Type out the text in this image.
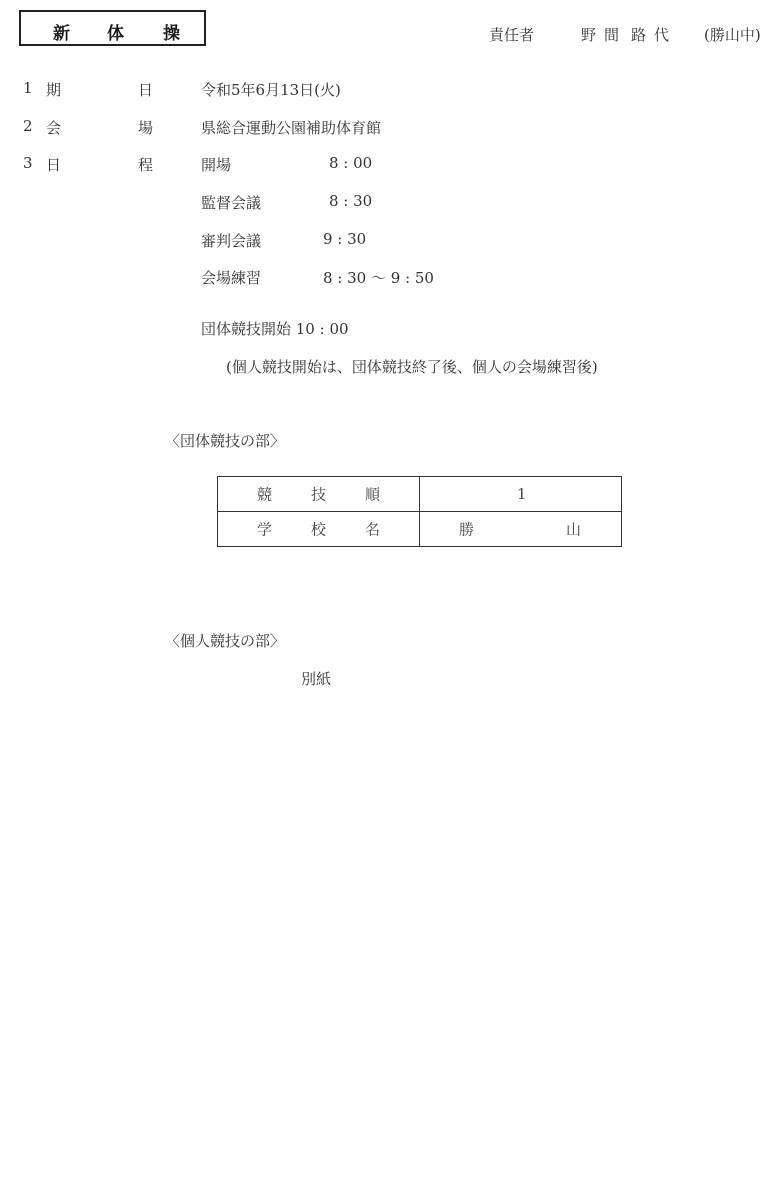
新 体 操	責任者	野 間 路 代 (勝山中)
1 期	日	令和5年6月13日(火)
2 会	場	県総合運動公園補助体育館
3 日	程	開場	8 : 00
監督会議	8 : 30
審判会議	9 : 30
会場練習	8 : 30 ～ 9 : 50
団体競技開始 10 : 00
(個人競技開始は、団体競技終了後、個人の会場練習後)
〈団体競技の部〉
競 技 順	1

学 校 名	勝 山
〈個人競技の部〉
別紙
